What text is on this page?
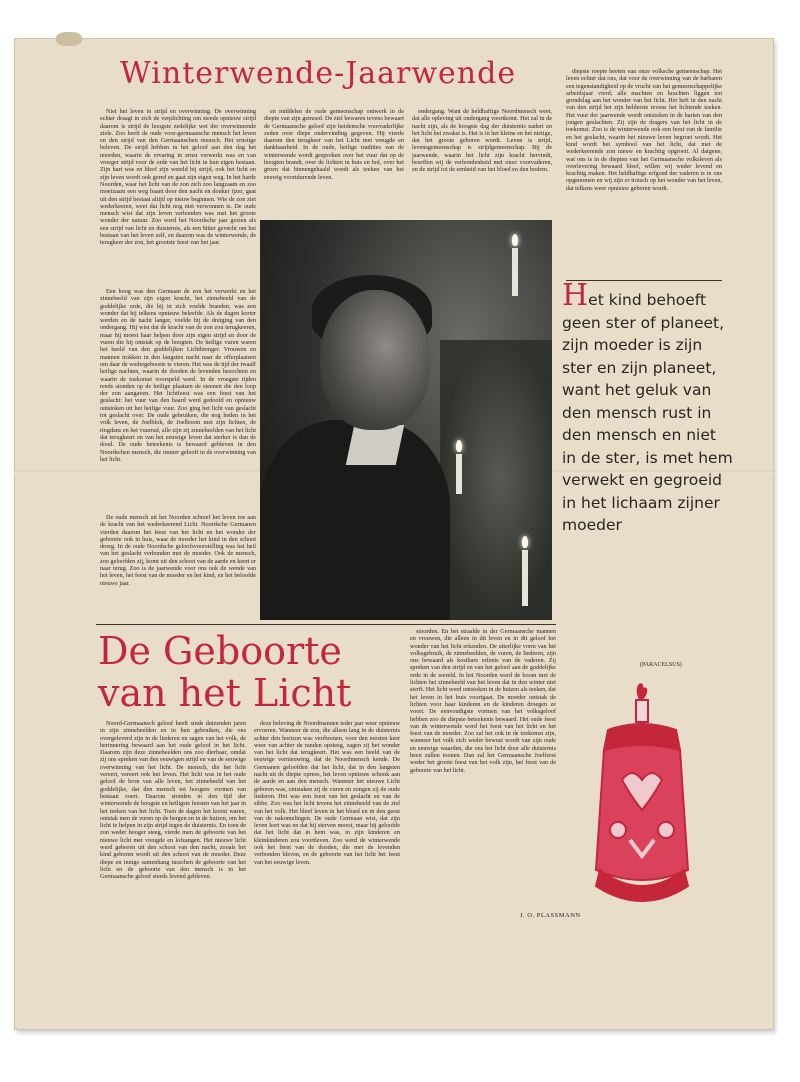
Winterwende-Jaarwende

Niet het leven in strijd en overwinning. De overwinning echter draagt in zich de verplichting om steeds opnieuw strijd daarom is strijd de hoogste zedelijke wet der overwinnende ziele. Zoo heeft de oude voor-germaansche mensch het leven en den strijd van den Germaanschen mensch. Het ernstige beleven. De strijd hebben in het geloof aan den dag het noorden, waarin de ervaring in ernst verwerkt was en van vroeger strijd voor de orde van het licht in hun eigen bestaan. Zijn hart was en bleef zijn wereld bij strijd, ook het licht en zijn leven wordt ook gered en gaat zijn eigen weg. In het harde Noorden, waar het licht van de zon zich zoo langzaam en zoo moeizaam een weg baant door den nacht en donker ijzer, gaat uit den strijd bestaat altijd op nieuw beginnen. Wie de zon ziet wederkeeren, weet dat licht nog niet verwonnen is. De oude mensch wist dat zijn leven verbonden was met het groote wonder der natuur. Zoo werd het Noordsche jaar gezien als een strijd van licht en duisternis, als een bitter gevecht om het bestaan van het leven zelf, en daarom was de winterwende, de terugkeer der zon, het grootste feest van het jaar.

en middelen de oude gemeenschap ontwerk in de diepte van zijn gemoed. De ziel bewaren tevens bewaart de Germaansche geloof zijn heidensche voorvaderlijke zeden over diepe ondervinding gegeven. Hij vierde daarom den terugkeer van het Licht met vreugde en dankbaarheid. In de oude, heilige tradities van de winterwende wordt gesproken over het vuur dat op de hoogten brandt, over de lichten in huis en hof, over het groen dat binnengehaald wordt als teeken van het eeuwig voortdurende leven.

ondergang. Want de heldhaftige Noordmensch weet, dat alle opleving uit ondergang voortkomt. Het zal in de nacht zijn, als de hoogste dag der duisternis nadert en het licht het zwakst is. Het is in het kleine en het nietige, dat het groote geboren wordt. Leven is strijd, levensgemeenschap is strijdgemeenschap. Bij de jaarwende, waarin het licht zijn kracht hervindt, beseffen wij de verbondenheid met onze voorvaderen, en de strijd tot de eenheid van het bloed en den bodem.

diepste roepte heeten van onze volksche gemeenschap. Het leven echter dat ons, dat voor de overwinning van de barbaren een tegenstandigheid op de vrucht van het gemeenschappelijke arbeidsjaar vierd; alle machten en krachten liggen ten grondslag aan het wonder van het licht. Het heft in den nacht van den strijd het zijn helderste tevens het lichtende teeken. Het vuur der jaarwende wordt ontstoken in de harten van den jongen geslachten. Zij zijn de dragers van het licht in de toekomst. Zoo is de winterwende ook een feest van de familie en het geslacht, waarin het nieuwe leven begroet wordt. Het kind wordt het symbool van het licht, dat met de wederkeerende zon nieuw en krachtig opgroeit. Al datgene, wat ons is in de diepten van het Germaansche volksleven als overlevering bewaard bleef, willen wij weder levend en krachtig maken. Het heldhaftige erfgoed der vaderen is in ons opgenomen en wij zijn er trotsch op het wonder van het leven, dat telkens weer opnieuw geboren wordt.

Een hoog was den Germaan de zon het verwerkt en het zinnebeeld van zijn eigen kracht, het zinnebeeld van de goddelijke orde, die hij in zich voelde branden, was een wonder dat hij telkens opnieuw beleefde. Als de dagen korter werden en de nacht langer, voelde hij de dreiging van den ondergang. Hij wist dat de kracht van de zon zou terugkeeren, maar hij moest haar helpen door zijn eigen strijd en door de vuren die hij ontstak op de hoogten. De heilige vuren waren het beeld van den goddelijken Lichtbrenger. Vrouwen en mannen trokken in den langsten nacht naar de offerplaatsen om daar de wedergeboorte te vieren. Het was de tijd der twaalf heilige nachten, waarin de dooden de levenden bezochten en waarin de toekomst voorspeld werd. In de vroegste tijden reeds stonden op de heilige plaatsen de steenen die den loop der zon aangaven. Het lichtfeest was een feest van het geslacht: het vuur van den haard werd gedoofd en opnieuw ontstoken uit het heilige vuur. Zoo ging het licht van geslacht tot geslacht over. De oude gebruiken, die nog heden in het volk leven, de Joelblok, de Joelboom met zijn lichten, de ringdans en het vuurrad, alle zijn zij zinnebeelden van het licht dat terugkeert en van het eeuwige leven dat sterker is dan de dood. De oude beteekenis is bewaard gebleven in den Noordschen mensch, die immer gelooft in de overwinning van het licht.

De oude mensch uit het Noorden schreef het leven toe aan de kracht van het wederkeerend Licht. Noordsche Germanen vierden daarom het feest van het licht en het wonder der geboorte ook in huis, waar de moeder het kind in den schoot droeg. In de oude Noordsche geloofsvoorstelling was het heil van het geslacht verbonden met de moeder. Ook de mensch, zoo geloofden zij, komt uit den schoot van de aarde en keert er naar terug. Zoo is de jaarwende voor ons ook de wende van het leven, het feest van de moeder en het kind, en het beloofde nieuwe jaar.

Het kind behoeft geen ster of planeet, zijn moeder is zijn ster en zijn planeet, want het geluk van den mensch rust in den mensch en niet in de ster, is met hem verwekt en gegroeid in het lichaam zijner moeder
(PARACELSUS)
De Geboorte
van het Licht

Noord-Germaansch geloof heeft sinds duizenden jaren in zijn zinnebeelden en in hun gebruiken, die ons overgeleverd zijn in de liederen en sagen van het volk, de herinnering bewaard aan het oude geloof in het licht. Daarom zijn deze zinnebeelden ons zoo dierbaar, omdat zij ons spreken van den eeuwigen strijd en van de eeuwige overwinning van het licht. De mensch, die het licht vereert, vereert ook het leven. Het licht was in het oude geloof de bron van alle leven, het zinnebeeld van het goddelijke, dat den mensch tot hoogere vormen van bestaan voert. Daarom stonden in den tijd der winterwende de hoogste en heiligste feesten van het jaar in het teeken van het licht. Toen de dagen het kortst waren, ontstak men de vuren op de bergen en in de huizen, om het licht te helpen in zijn strijd tegen de duisternis. En toen de zon weder hooger steeg, vierde men de geboorte van het nieuwe licht met vreugde en lofzangen. Het nieuwe licht werd geboren uit den schoot van den nacht, zooals het kind geboren wordt uit den schoot van de moeder. Deze diepe en innige samenhang tusschen de geboorte van het licht en de geboorte van den mensch is in het Germaansche geloof steeds levend gebleven.

deze beleving de Noordmannen ieder jaar weer opnieuw ervoeren. Wanneer de zon, die alleen lang in de duisternis achter den horizon was verdwenen, voor den eersten keer weer van achter de randen opsteeg, zagen zij het wonder van het licht dat terugkeert. Het was een beeld van de eeuwige vernieuwing, dat de Noordmensch kende. De Germanen geloofden dat het licht, dat in den langsten nacht uit de diepte oprees, het leven opnieuw schonk aan de aarde en aan den mensch. Wanneer het nieuwe Licht geboren was, ontstaken zij de vuren en zongen zij de oude liederen. Het was een feest van het geslacht en van de sibbe. Zoo was het licht tevens het zinnebeeld van de ziel van het volk. Het bleef leven in het bloed en in den geest van de nakomelingen. De oude Germaan wist, dat zijn leven kort was en dat hij sterven moest, maar hij geloofde dat het licht dat in hem was, in zijn kinderen en kleinkinderen zou voortleven. Zoo werd de winterwende ook het feest van de dooden, die met de levenden verbonden bleven, en de geboorte van het licht het feest van het eeuwige leven.

stoorden. En het straalde in der Germaansche mannen en vrouwen, die alleen in dit leven en in dit geloof het wonder van het licht erkenden. De uiterlijke vorm van het volksgebruik, de zinnebeelden, de vuren, de liederen, zijn ons bewaard als kostbare erfenis van de vaderen. Zij spreken van den strijd en van het geloof aan de goddelijke orde in de wereld. In het Noorden werd de boom met de lichten het zinnebeeld van het leven dat in den winter niet sterft. Het licht werd ontstoken in de huizen als teeken, dat het leven in het huis voortgaat. De moeder ontstak de lichten voor haar kinderen en de kinderen droegen ze voort. De eenvoudigste vormen van het volksgeloof hebben zoo de diepste beteekenis bewaard. Het oude feest van de winterwende werd het feest van het licht en het feest van de moeder. Zoo zal het ook in de toekomst zijn, wanneer het volk zich weder bewust wordt van zijn oude en eeuwige waarden, die ons het licht door alle duisternis heen zullen toonen. Dan zal het Germaansche Joelfeest weder het groote feest van het volk zijn, het feest van de geboorte van het licht.

J. O. PLASSMANN
